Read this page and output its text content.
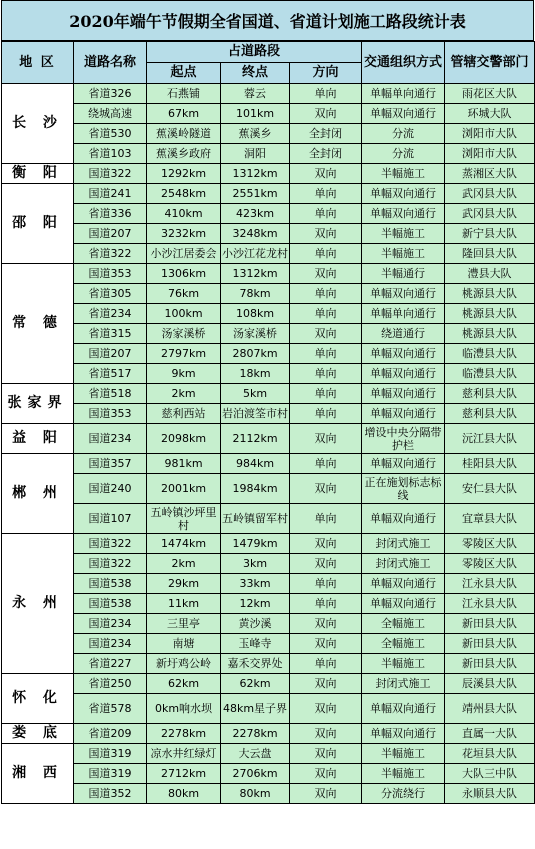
2020年端午节假期全省国道、省道计划施工路段统计表
地 区	道路名称	占道路段			交通组织方式	管辖交警部门
		起点	终点	方向		
长 沙	省道326	石燕铺	蓉云	单向	单幅单向通行	雨花区大队
	绕城高速	67km	101km	双向	单幅双向通行	环城大队
	省道530	蕉溪岭隧道	蕉溪乡	全封闭	分流	浏阳市大队
	省道103	蕉溪乡政府	洞阳	全封闭	分流	浏阳市大队
衡 阳	国道322	1292km	1312km	双向	半幅施工	蒸湘区大队
邵 阳	国道241	2548km	2551km	单向	单幅双向通行	武冈县大队
	省道336	410km	423km	单向	单幅双向通行	武冈县大队
	国道207	3232km	3248km	双向	半幅施工	新宁县大队
	省道322	小沙江居委会	小沙江花龙村	单向	半幅施工	隆回县大队
常 德	国道353	1306km	1312km	双向	半幅通行	澧县大队
	省道305	76km	78km	单向	单幅双向通行	桃源县大队
	省道234	100km	108km	单向	单幅单向通行	桃源县大队
	省道315	汤家溪桥	汤家溪桥	双向	绕道通行	桃源县大队
	国道207	2797km	2807km	单向	单幅双向通行	临澧县大队
	省道517	9km	18km	单向	单幅双向通行	临澧县大队
张家界	省道518	2km	5km	单向	单幅双向通行	慈利县大队
	国道353	慈利西站	岩泊渡筌市村	单向	单幅双向通行	慈利县大队
益 阳	国道234	2098km	2112km	双向	增设中央分隔带护栏	沅江县大队
郴 州	国道357	981km	984km	单向	单幅双向通行	桂阳县大队
	国道240	2001km	1984km	双向	正在施划标志标线	安仁县大队
	国道107	五岭镇沙坪里村	五岭镇留军村	单向	单幅双向通行	宜章县大队
永 州	国道322	1474km	1479km	双向	封闭式施工	零陵区大队
	国道322	2km	3km	双向	封闭式施工	零陵区大队
	国道538	29km	33km	单向	单幅双向通行	江永县大队
	国道538	11km	12km	单向	单幅双向通行	江永县大队
	国道234	三里亭	黄沙溪	双向	全幅施工	新田县大队
	国道234	南塘	玉峰寺	双向	全幅施工	新田县大队
	省道227	新圩鸡公岭	嘉禾交界处	单向	半幅施工	新田县大队
怀 化	省道250	62km	62km	双向	封闭式施工	辰溪县大队
	省道578	0km响水坝	48km星子界	双向	单幅双向通行	靖州县大队
娄 底	省道209	2278km	2278km	双向	单幅双向通行	直属一大队
湘 西	国道319	凉水井红绿灯	大云盘	双向	半幅施工	花垣县大队
	国道319	2712km	2706km	双向	半幅施工	大队三中队
	国道352	80km	80km	双向	分流绕行	永顺县大队
